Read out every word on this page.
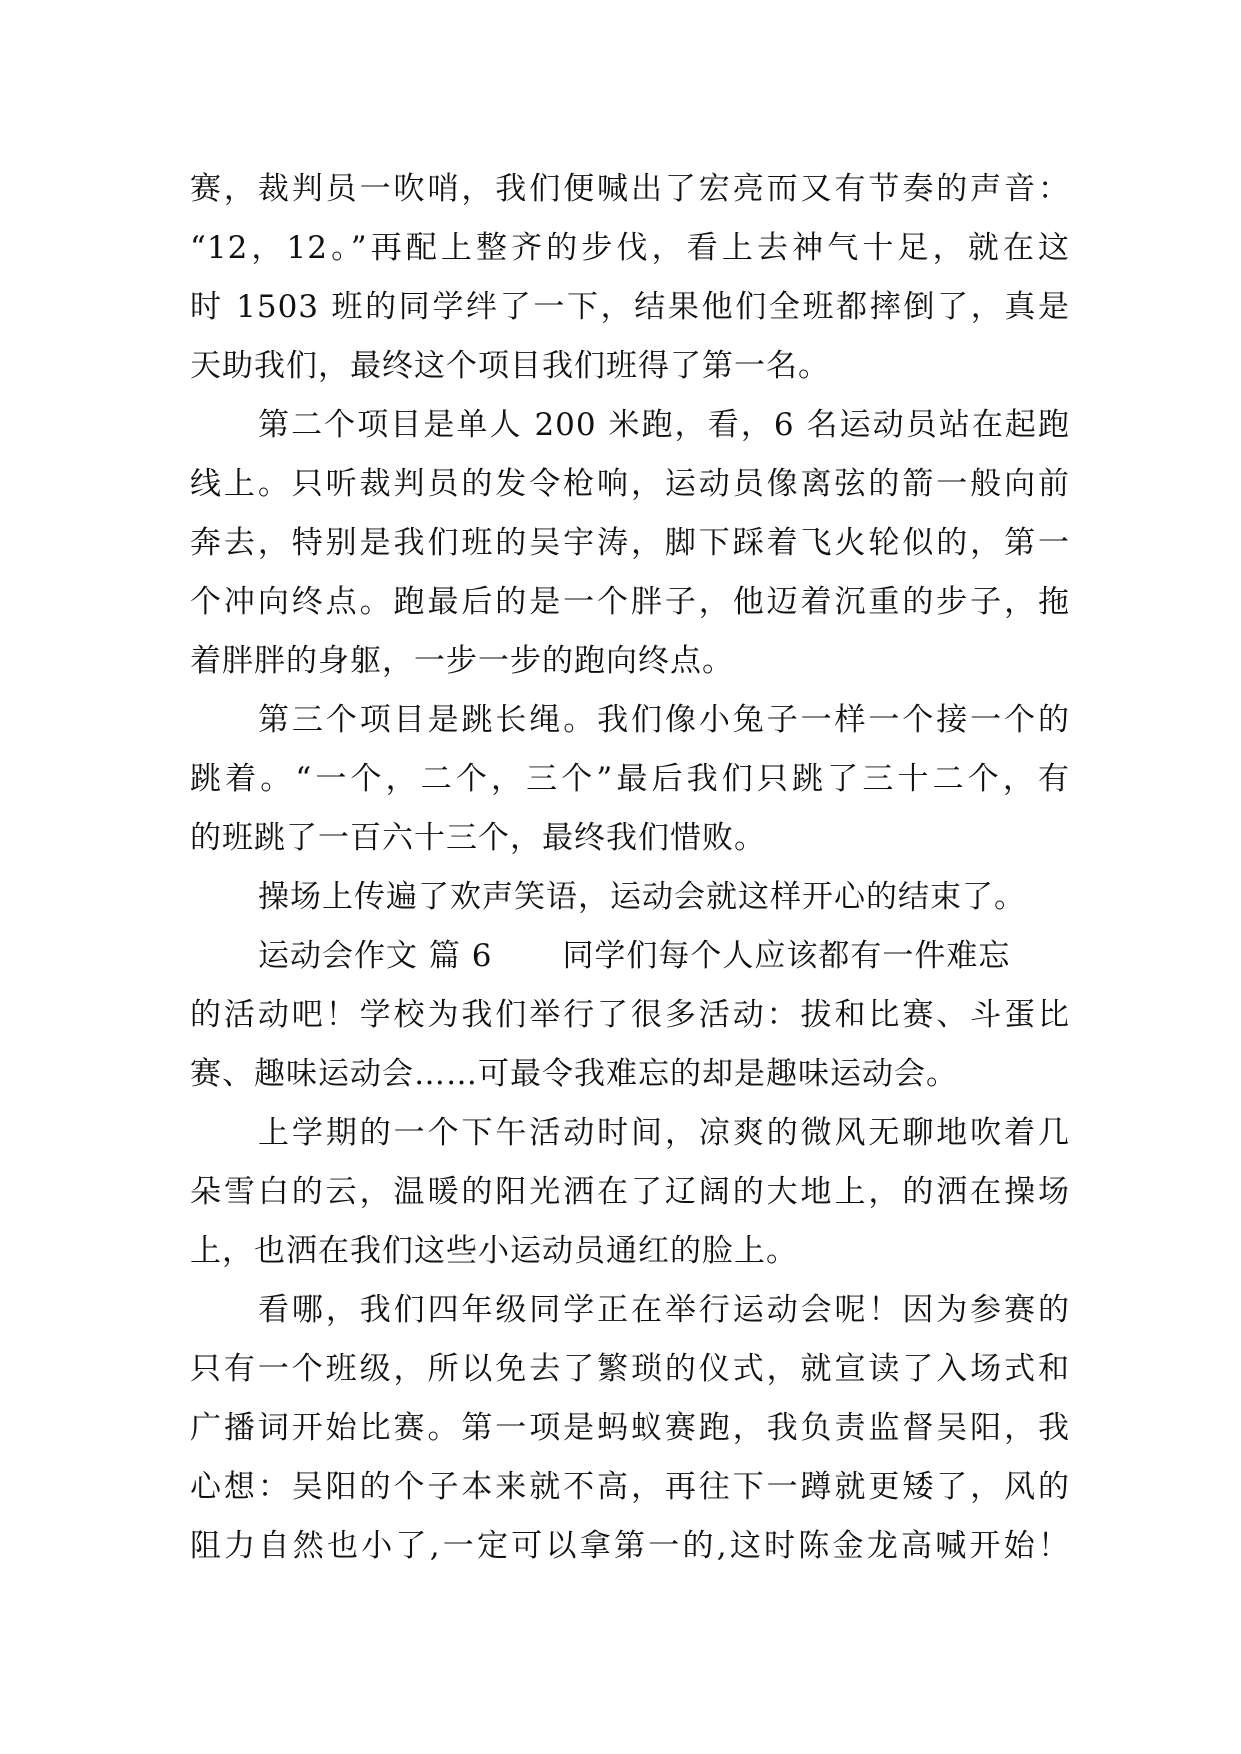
赛，裁判员一吹哨，我们便喊出了宏亮而又有节奏的声音：
“12，12。”再配上整齐的步伐，看上去神气十足，就在这
时 1503 班的同学绊了一下，结果他们全班都摔倒了，真是
天助我们，最终这个项目我们班得了第一名。
第二个项目是单人 200 米跑，看，6 名运动员站在起跑
线上。只听裁判员的发令枪响，运动员像离弦的箭一般向前
奔去，特别是我们班的吴宇涛，脚下踩着飞火轮似的，第一
个冲向终点。跑最后的是一个胖子，他迈着沉重的步子，拖
着胖胖的身躯，一步一步的跑向终点。
第三个项目是跳长绳。我们像小兔子一样一个接一个的
跳着。“一个，二个，三个”最后我们只跳了三十二个，有
的班跳了一百六十三个，最终我们惜败。
操场上传遍了欢声笑语，运动会就这样开心的结束了。
运动会作文 篇 6 同学们每个人应该都有一件难忘
的活动吧！学校为我们举行了很多活动：拔和比赛、斗蛋比
赛、趣味运动会……可最令我难忘的却是趣味运动会。
上学期的一个下午活动时间，凉爽的微风无聊地吹着几
朵雪白的云，温暖的阳光洒在了辽阔的大地上，的洒在操场
上，也洒在我们这些小运动员通红的脸上。
看哪，我们四年级同学正在举行运动会呢！因为参赛的
只有一个班级，所以免去了繁琐的仪式，就宣读了入场式和
广播词开始比赛。第一项是蚂蚁赛跑，我负责监督吴阳，我
心想：吴阳的个子本来就不高，再往下一蹲就更矮了，风的
阻力自然也小了,一定可以拿第一的,这时陈金龙高喊开始！
